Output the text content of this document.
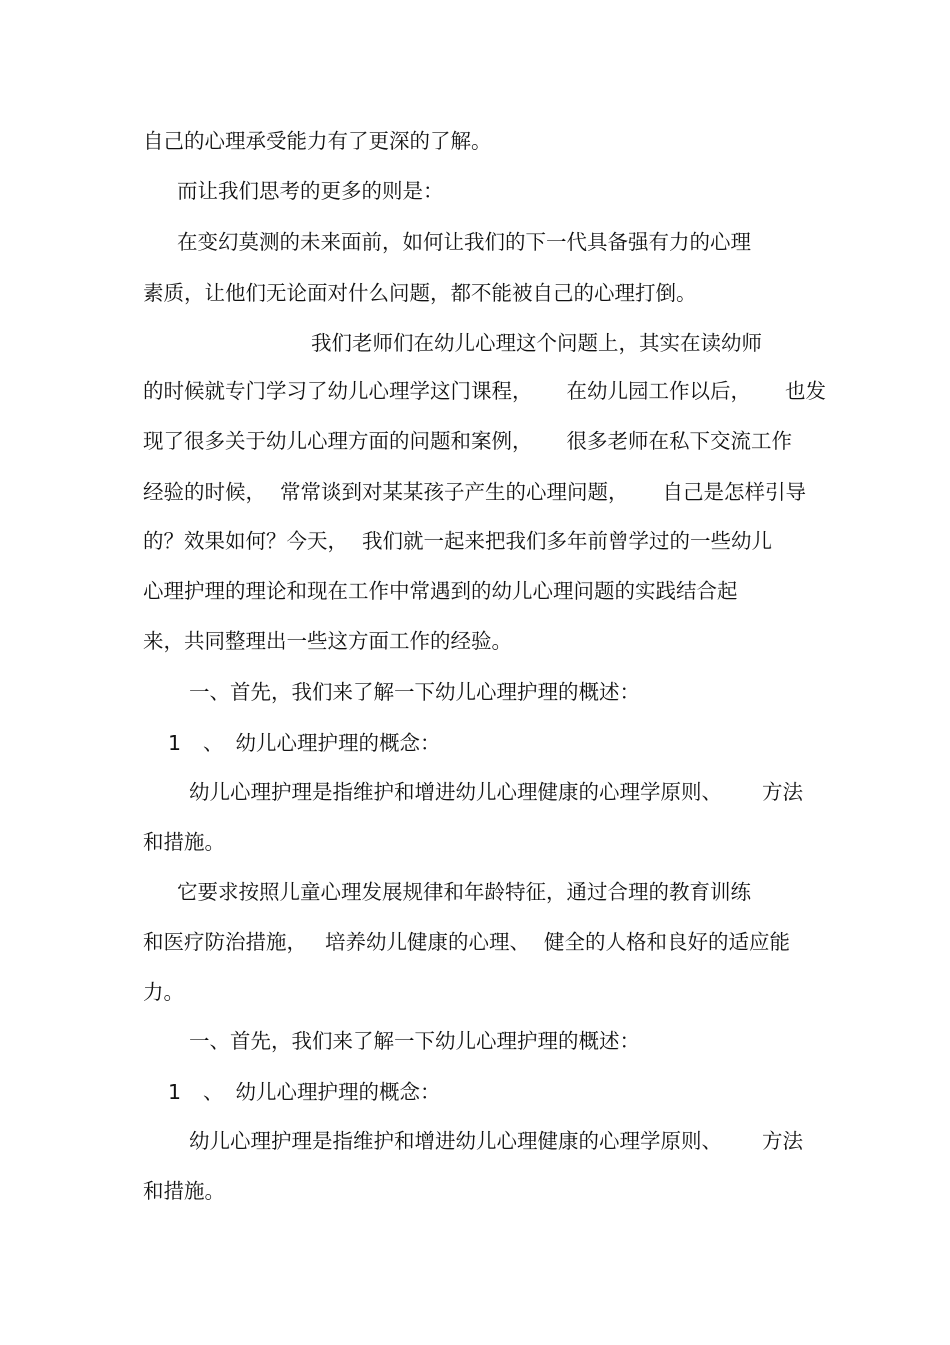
自己的心理承受能力有了更深的了解。
而让我们思考的更多的则是：
在变幻莫测的未来面前，如何让我们的下一代具备强有力的心理
素质，让他们无论面对什么问题，都不能被自己的心理打倒。
我们老师们在幼儿心理这个问题上，其实在读幼师
的时候就专门学习了幼儿心理学这门课程， 在幼儿园工作以后， 也发
现了很多关于幼儿心理方面的问题和案例， 很多老师在私下交流工作
经验的时候， 常常谈到对某某孩子产生的心理问题， 自己是怎样引导
的？效果如何？今天， 我们就一起来把我们多年前曾学过的一些幼儿
心理护理的理论和现在工作中常遇到的幼儿心理问题的实践结合起
来，共同整理出一些这方面工作的经验。
一、首先，我们来了解一下幼儿心理护理的概述：
1 、 幼儿心理护理的概念：
幼儿心理护理是指维护和增进幼儿心理健康的心理学原则、 方法
和措施。
它要求按照儿童心理发展规律和年龄特征，通过合理的教育训练
和医疗防治措施， 培养幼儿健康的心理、 健全的人格和良好的适应能
力。
一、首先，我们来了解一下幼儿心理护理的概述：
1 、 幼儿心理护理的概念：
幼儿心理护理是指维护和增进幼儿心理健康的心理学原则、 方法
和措施。
